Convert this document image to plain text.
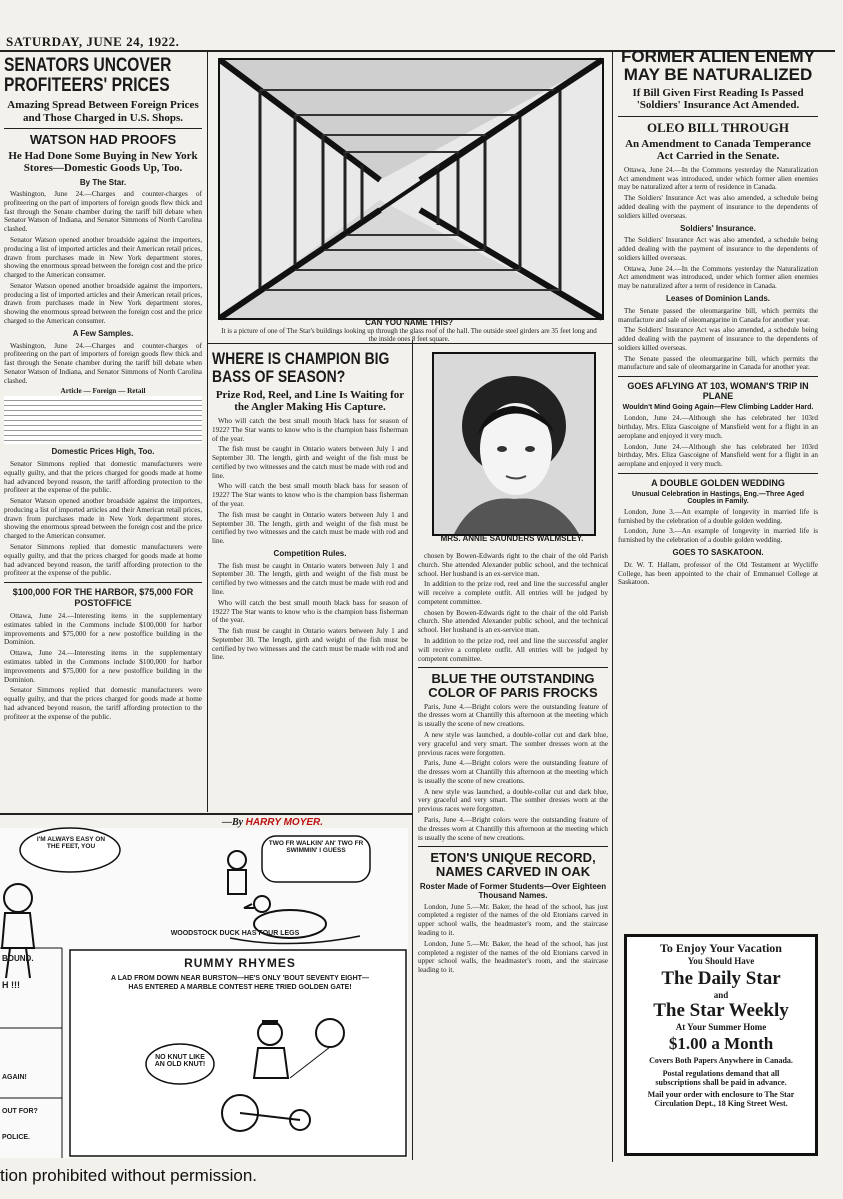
SATURDAY, JUNE 24, 1922.
SENATORS UNCOVER PROFITEERS' PRICES
Amazing Spread Between Foreign Prices and Those Charged in U.S. Shops.
WATSON HAD PROOFS
He Had Done Some Buying in New York Stores—Domestic Goods Up, Too.
By The Star.

Washington, June 24.—Charges and counter-charges of profiteering on the part of importers of foreign goods flew thick and fast through the Senate chamber during the tariff bill debate when Senator Watson of Indiana, and Senator Simmons of North Carolina clashed.

Senator Watson opened another broadside against the importers, producing a list of imported articles and their American retail prices, drawn from purchases made in New York department stores, showing the enormous spread between the foreign cost and the price charged to the American consumer.

Senator Watson opened another broadside against the importers, producing a list of imported articles and their American retail prices, drawn from purchases made in New York department stores, showing the enormous spread between the foreign cost and the price charged to the American consumer.

A Few Samples.

Washington, June 24.—Charges and counter-charges of profiteering on the part of importers of foreign goods flew thick and fast through the Senate chamber during the tariff bill debate when Senator Watson of Indiana, and Senator Simmons of North Carolina clashed.

Article — Foreign — Retail
Domestic Prices High, Too.

Senator Simmons replied that domestic manufacturers were equally guilty, and that the prices charged for goods made at home had advanced beyond reason, the tariff affording protection to the profiteer at the expense of the public.

Senator Watson opened another broadside against the importers, producing a list of imported articles and their American retail prices, drawn from purchases made in New York department stores, showing the enormous spread between the foreign cost and the price charged to the American consumer.

Senator Simmons replied that domestic manufacturers were equally guilty, and that the prices charged for goods made at home had advanced beyond reason, the tariff affording protection to the profiteer at the expense of the public.

$100,000 FOR THE HARBOR, $75,000 FOR POSTOFFICE

Ottawa, June 24.—Interesting items in the supplementary estimates tabled in the Commons include $100,000 for harbor improvements and $75,000 for a new postoffice building in the Dominion.

Ottawa, June 24.—Interesting items in the supplementary estimates tabled in the Commons include $100,000 for harbor improvements and $75,000 for a new postoffice building in the Dominion.

Senator Simmons replied that domestic manufacturers were equally guilty, and that the prices charged for goods made at home had advanced beyond reason, the tariff affording protection to the profiteer at the expense of the public.

CAN YOU NAME THIS?
It is a picture of one of The Star's buildings looking up through the glass roof of the hall. The outside steel girders are 35 feet long and the inside ones 8 feet square.
WHERE IS CHAMPION BIG BASS OF SEASON?
Prize Rod, Reel, and Line Is Waiting for the Angler Making His Capture.

Who will catch the best small mouth black bass for season of 1922? The Star wants to know who is the champion bass fisherman of the year.

The fish must be caught in Ontario waters between July 1 and September 30. The length, girth and weight of the fish must be certified by two witnesses and the catch must be made with rod and line.

Who will catch the best small mouth black bass for season of 1922? The Star wants to know who is the champion bass fisherman of the year.

The fish must be caught in Ontario waters between July 1 and September 30. The length, girth and weight of the fish must be certified by two witnesses and the catch must be made with rod and line.

Competition Rules.

The fish must be caught in Ontario waters between July 1 and September 30. The length, girth and weight of the fish must be certified by two witnesses and the catch must be made with rod and line.

Who will catch the best small mouth black bass for season of 1922? The Star wants to know who is the champion bass fisherman of the year.

The fish must be caught in Ontario waters between July 1 and September 30. The length, girth and weight of the fish must be certified by two witnesses and the catch must be made with rod and line.

MRS. ANNIE SAUNDERS WALMSLEY.

chosen by Bowen-Edwards right to the chair of the old Parish church. She attended Alexander public school, and the technical school. Her husband is an ex-service man.

In addition to the prize rod, reel and line the successful angler will receive a complete outfit. All entries will be judged by competent committee.

chosen by Bowen-Edwards right to the chair of the old Parish church. She attended Alexander public school, and the technical school. Her husband is an ex-service man.

In addition to the prize rod, reel and line the successful angler will receive a complete outfit. All entries will be judged by competent committee.

BLUE THE OUTSTANDING COLOR OF PARIS FROCKS

Paris, June 4.—Bright colors were the outstanding feature of the dresses worn at Chantilly this afternoon at the meeting which is usually the scene of new creations.

A new style was launched, a double-collar cut and dark blue, very graceful and very smart. The somber dresses worn at the previous races were forgotten.

Paris, June 4.—Bright colors were the outstanding feature of the dresses worn at Chantilly this afternoon at the meeting which is usually the scene of new creations.

A new style was launched, a double-collar cut and dark blue, very graceful and very smart. The somber dresses worn at the previous races were forgotten.

Paris, June 4.—Bright colors were the outstanding feature of the dresses worn at Chantilly this afternoon at the meeting which is usually the scene of new creations.

ETON'S UNIQUE RECORD, NAMES CARVED IN OAK
Roster Made of Former Students—Over Eighteen Thousand Names.

London, June 5.—Mr. Baker, the head of the school, has just completed a register of the names of the old Etonians carved in upper school walls, the headmaster's room, and the staircase leading to it.

London, June 5.—Mr. Baker, the head of the school, has just completed a register of the names of the old Etonians carved in upper school walls, the headmaster's room, and the staircase leading to it.

FORMER ALIEN ENEMY MAY BE NATURALIZED
If Bill Given First Reading Is Passed 'Soldiers' Insurance Act Amended.
OLEO BILL THROUGH
An Amendment to Canada Temperance Act Carried in the Senate.

Ottawa, June 24.—In the Commons yesterday the Naturalization Act amendment was introduced, under which former alien enemies may be naturalized after a term of residence in Canada.

The Soldiers' Insurance Act was also amended, a schedule being added dealing with the payment of insurance to the dependents of soldiers killed overseas.

Soldiers' Insurance.

The Soldiers' Insurance Act was also amended, a schedule being added dealing with the payment of insurance to the dependents of soldiers killed overseas.

Ottawa, June 24.—In the Commons yesterday the Naturalization Act amendment was introduced, under which former alien enemies may be naturalized after a term of residence in Canada.

Leases of Dominion Lands.

The Senate passed the oleomargarine bill, which permits the manufacture and sale of oleomargarine in Canada for another year.

The Soldiers' Insurance Act was also amended, a schedule being added dealing with the payment of insurance to the dependents of soldiers killed overseas.

The Senate passed the oleomargarine bill, which permits the manufacture and sale of oleomargarine in Canada for another year.

GOES AFLYING AT 103, WOMAN'S TRIP IN PLANE
Wouldn't Mind Going Again—Flew Climbing Ladder Hard.

London, June 24.—Although she has celebrated her 103rd birthday, Mrs. Eliza Gascoigne of Mansfield went for a flight in an aeroplane and enjoyed it very much.

London, June 24.—Although she has celebrated her 103rd birthday, Mrs. Eliza Gascoigne of Mansfield went for a flight in an aeroplane and enjoyed it very much.

A DOUBLE GOLDEN WEDDING
Unusual Celebration in Hastings, Eng.—Three Aged Couples in Family.

London, June 3.—An example of longevity in married life is furnished by the celebration of a double golden wedding.

London, June 3.—An example of longevity in married life is furnished by the celebration of a double golden wedding.

GOES TO SASKATOON.

Dr. W. T. Hallam, professor of the Old Testament at Wycliffe College, has been appointed to the chair of Emmanuel College at Saskatoon.

To Enjoy Your Vacation
You Should Have
The Daily Star
and
The Star Weekly
At Your Summer Home
$1.00 a Month
Covers Both Papers Anywhere in Canada.
Postal regulations demand that all subscriptions shall be paid in advance.
Mail your order with enclosure to The Star Circulation Dept., 18 King Street West.
—By HARRY MOYER.
I'M ALWAYS EASY ON THE FEET, YOU	TWO FR WALKIN' AN' TWO FR SWIMMIN' I GUESS
WOODSTOCK DUCK HAS FOUR LEGS
RUMMY RHYMES
A LAD FROM DOWN NEAR BURSTON—HE'S ONLY 'BOUT SEVENTY EIGHT—HAS ENTERED A MARBLE CONTEST HERE TRIED GOLDEN GATE!
NO KNUT LIKE AN OLD KNUT!
BOUND.
H !!!
AGAIN!
OUT FOR?
POLICE.
tion prohibited without permission.
